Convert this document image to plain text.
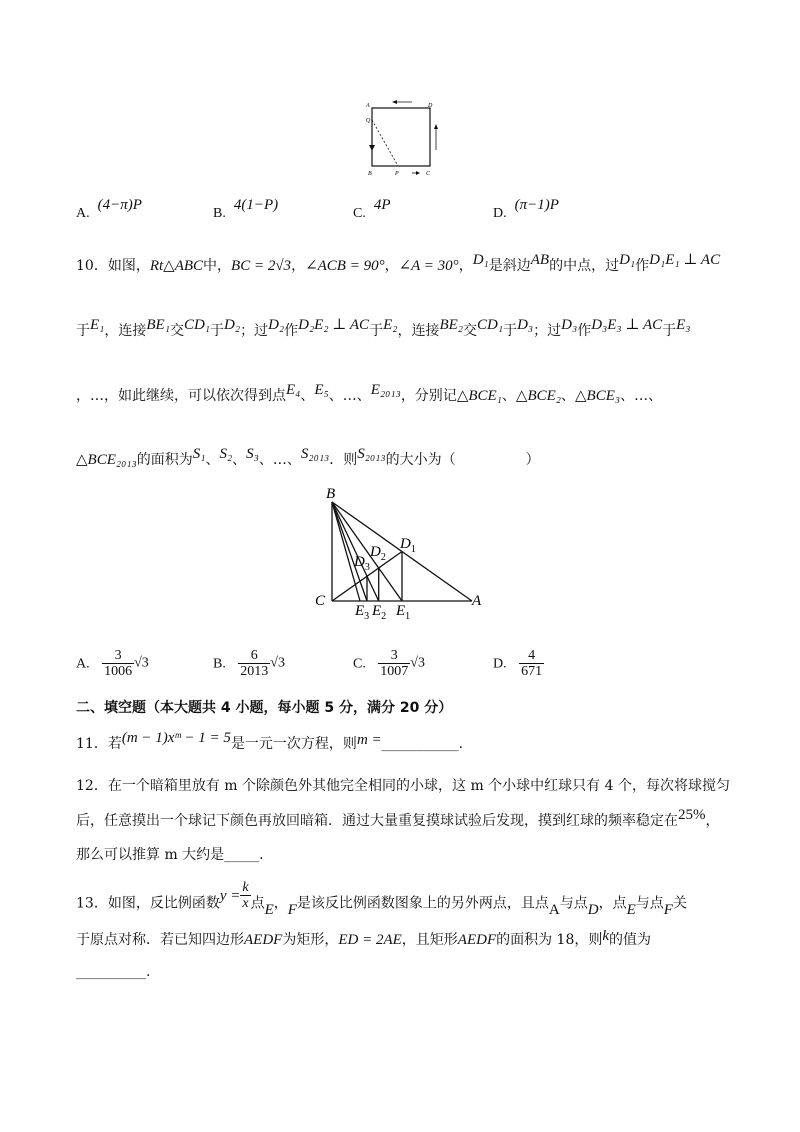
A	D
Q
B	P	C
A.(4−π)P
B.4(1−P)
C.4P
D.(π−1)P
10．如图，Rt△ABC中，BC = 2√3，∠ACB = 90°，∠A = 30°，D₁是斜边AB的中点，过D₁作D₁E₁ ⊥ AC
于E₁，连接BE₁交CD₁于D₂；过D₂作D₂E₂ ⊥ AC于E₂，连接BE₂交CD₁于D₃；过D₃作D₃E₃ ⊥ AC于E₃
，…，如此继续，可以依次得到点E₄、E₅、…、E₂₀₁₃，分别记△BCE₁、△BCE₂、△BCE₃、…、
△BCE₂₀₁₃的面积为S₁、S₂、S₃、…、S₂₀₁₃．则S₂₀₁₃的大小为（　　　　　）
B
C	A
$D_1$
$D_2$
$D_3$
$E_3$ $E_2$ $E_1$
A. $\frac{3}{1006} √3$	B. $\frac{6}{2013} √3$	C. $\frac{3}{1007} √3$	D. $\frac{4}{671}$
二、填空题（本大题共 4 小题，每小题 5 分，满分 20 分）
11．若(m − 1)xᵐ − 1 = 5是一元一次方程，则m =___________.
12．在一个暗箱里放有 m 个除颜色外其他完全相同的小球，这 m 个小球中红球只有 4 个，每次将球搅匀
后，任意摸出一个球记下颜色再放回暗箱．通过大量重复摸球试验后发现，摸到红球的频率稳定在25%，
那么可以推算 m 大约是_____.
13．如图，反比例函数$y = \frac{k}{x}$ 点E，F是该反比例函数图象上的另外两点，且点A与点D，点E与点F关
于原点对称．若已知四边形AEDF为矩形，ED = 2AE，且矩形AEDF的面积为 18，则k的值为
__________.
